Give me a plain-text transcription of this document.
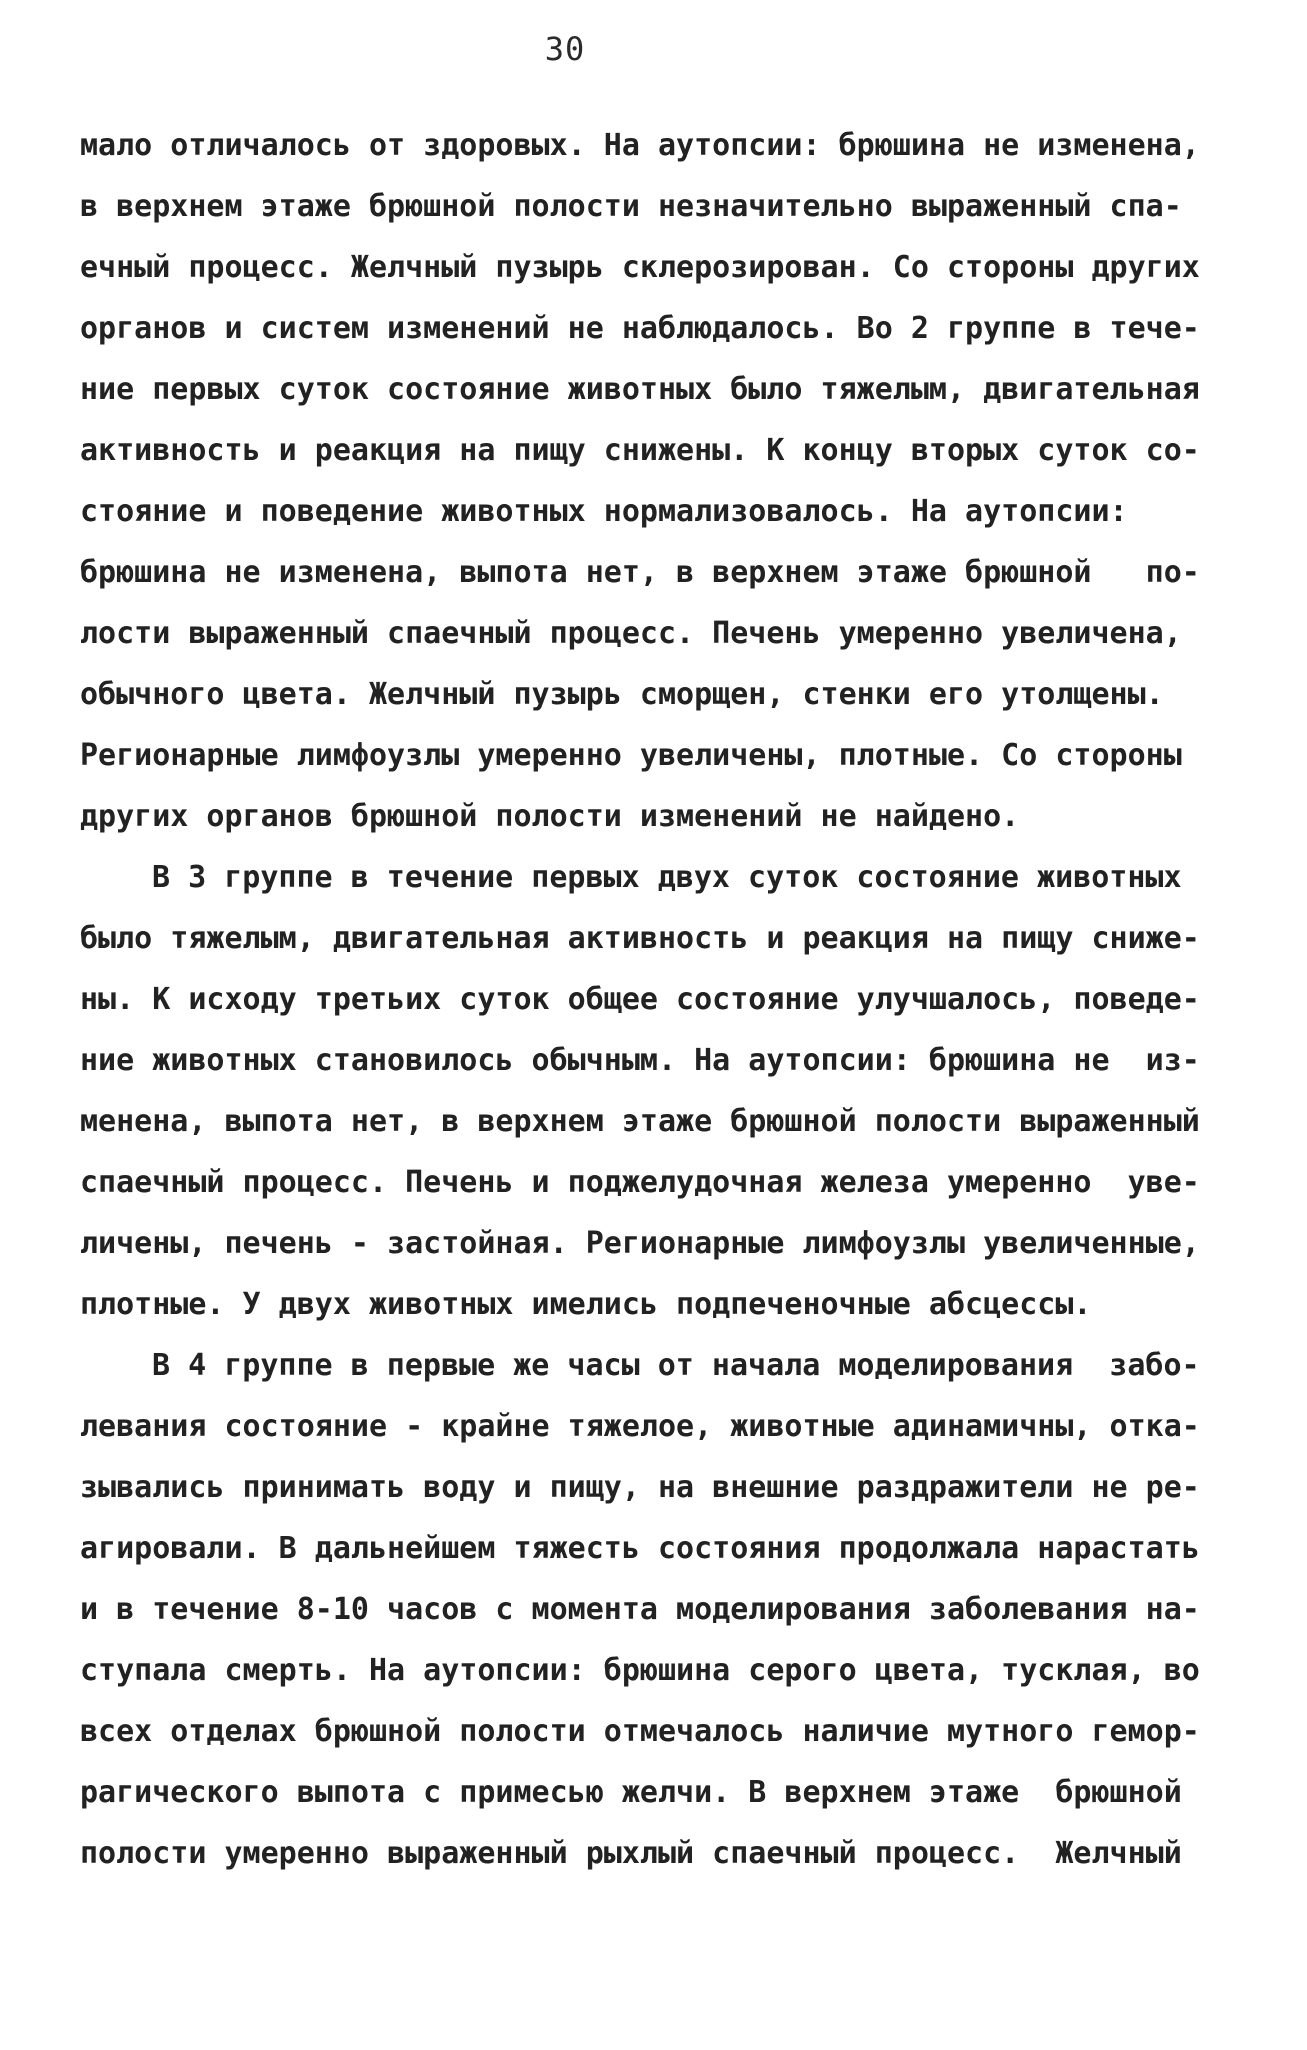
30
мало отличалось от здоровых. На аутопсии: брюшина не изменена,
в верхнем этаже брюшной полости незначительно выраженный спа-
ечный процесс. Желчный пузырь склерозирован. Со стороны других
органов и систем изменений не наблюдалось. Во 2 группе в тече-
ние первых суток состояние животных было тяжелым, двигательная
активность и реакция на пищу снижены. К концу вторых суток со-
стояние и поведение животных нормализовалось. На аутопсии:
брюшина не изменена, выпота нет, в верхнем этаже брюшной   по-
лости выраженный спаечный процесс. Печень умеренно увеличена,
обычного цвета. Желчный пузырь сморщен, стенки его утолщены.
Регионарные лимфоузлы умеренно увеличены, плотные. Со стороны
других органов брюшной полости изменений не найдено.
В 3 группе в течение первых двух суток состояние животных
было тяжелым, двигательная активность и реакция на пищу сниже-
ны. К исходу третьих суток общее состояние улучшалось, поведе-
ние животных становилось обычным. На аутопсии: брюшина не  из-
менена, выпота нет, в верхнем этаже брюшной полости выраженный
спаечный процесс. Печень и поджелудочная железа умеренно  уве-
личены, печень - застойная. Регионарные лимфоузлы увеличенные,
плотные. У двух животных имелись подпеченочные абсцессы.
В 4 группе в первые же часы от начала моделирования  забо-
левания состояние - крайне тяжелое, животные адинамичны, отка-
зывались принимать воду и пищу, на внешние раздражители не ре-
агировали. В дальнейшем тяжесть состояния продолжала нарастать
и в течение 8-10 часов с момента моделирования заболевания на-
ступала смерть. На аутопсии: брюшина серого цвета, тусклая, во
всех отделах брюшной полости отмечалось наличие мутного гемор-
рагического выпота с примесью желчи. В верхнем этаже  брюшной
полости умеренно выраженный рыхлый спаечный процесс.  Желчный
